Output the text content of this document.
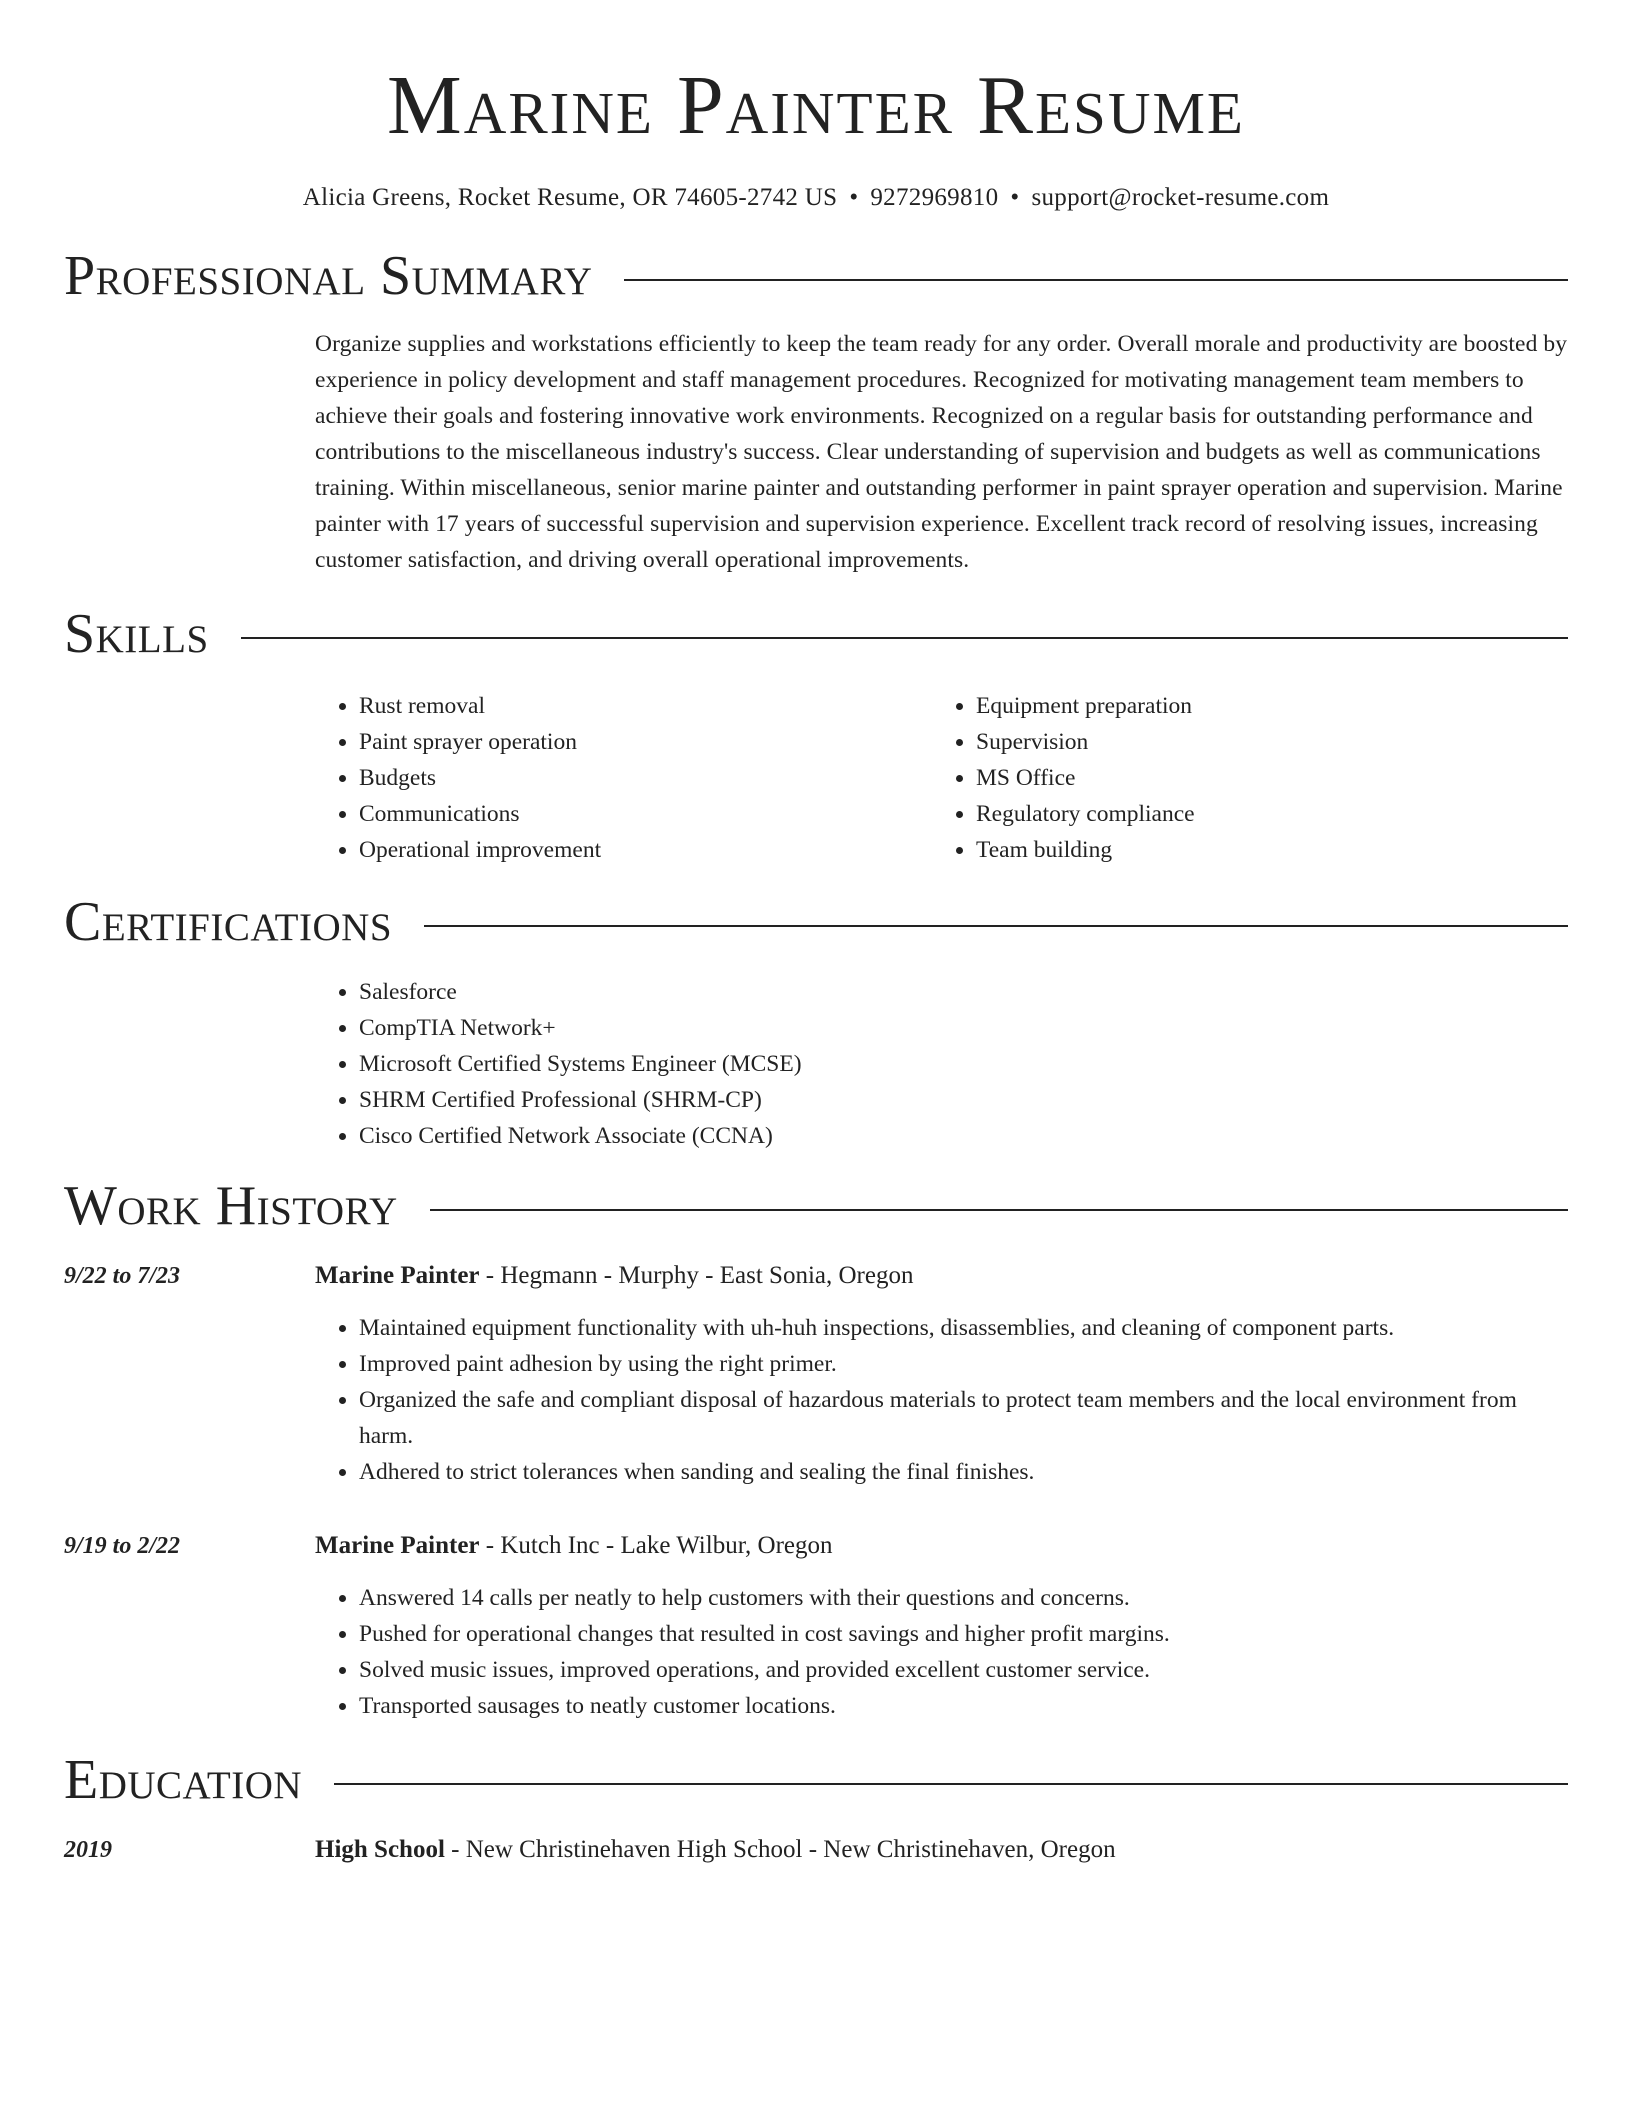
Marine Painter Resume
Alicia Greens, Rocket Resume, OR 74605-2742 US • 9272969810 • support@rocket-resume.com
Professional Summary
Organize supplies and workstations efficiently to keep the team ready for any order. Overall morale and productivity are boosted by experience in policy development and staff management procedures. Recognized for motivating management team members to achieve their goals and fostering innovative work environments. Recognized on a regular basis for outstanding performance and contributions to the miscellaneous industry's success. Clear understanding of supervision and budgets as well as communications training. Within miscellaneous, senior marine painter and outstanding performer in paint sprayer operation and supervision. Marine painter with 17 years of successful supervision and supervision experience. Excellent track record of resolving issues, increasing customer satisfaction, and driving overall operational improvements.
Skills
• Rust removal
• Paint sprayer operation
• Budgets
• Communications
• Operational improvement
• Equipment preparation
• Supervision
• MS Office
• Regulatory compliance
• Team building
Certifications
• Salesforce
• CompTIA Network+
• Microsoft Certified Systems Engineer (MCSE)
• SHRM Certified Professional (SHRM-CP)
• Cisco Certified Network Associate (CCNA)
Work History
9/22 to 7/23	Marine Painter - Hegmann - Murphy - East Sonia, Oregon
• Maintained equipment functionality with uh-huh inspections, disassemblies, and cleaning of component parts.
• Improved paint adhesion by using the right primer.
• Organized the safe and compliant disposal of hazardous materials to protect team members and the local environment from harm.
• Adhered to strict tolerances when sanding and sealing the final finishes.
9/19 to 2/22	Marine Painter - Kutch Inc - Lake Wilbur, Oregon
• Answered 14 calls per neatly to help customers with their questions and concerns.
• Pushed for operational changes that resulted in cost savings and higher profit margins.
• Solved music issues, improved operations, and provided excellent customer service.
• Transported sausages to neatly customer locations.
Education
2019	High School - New Christinehaven High School - New Christinehaven, Oregon
